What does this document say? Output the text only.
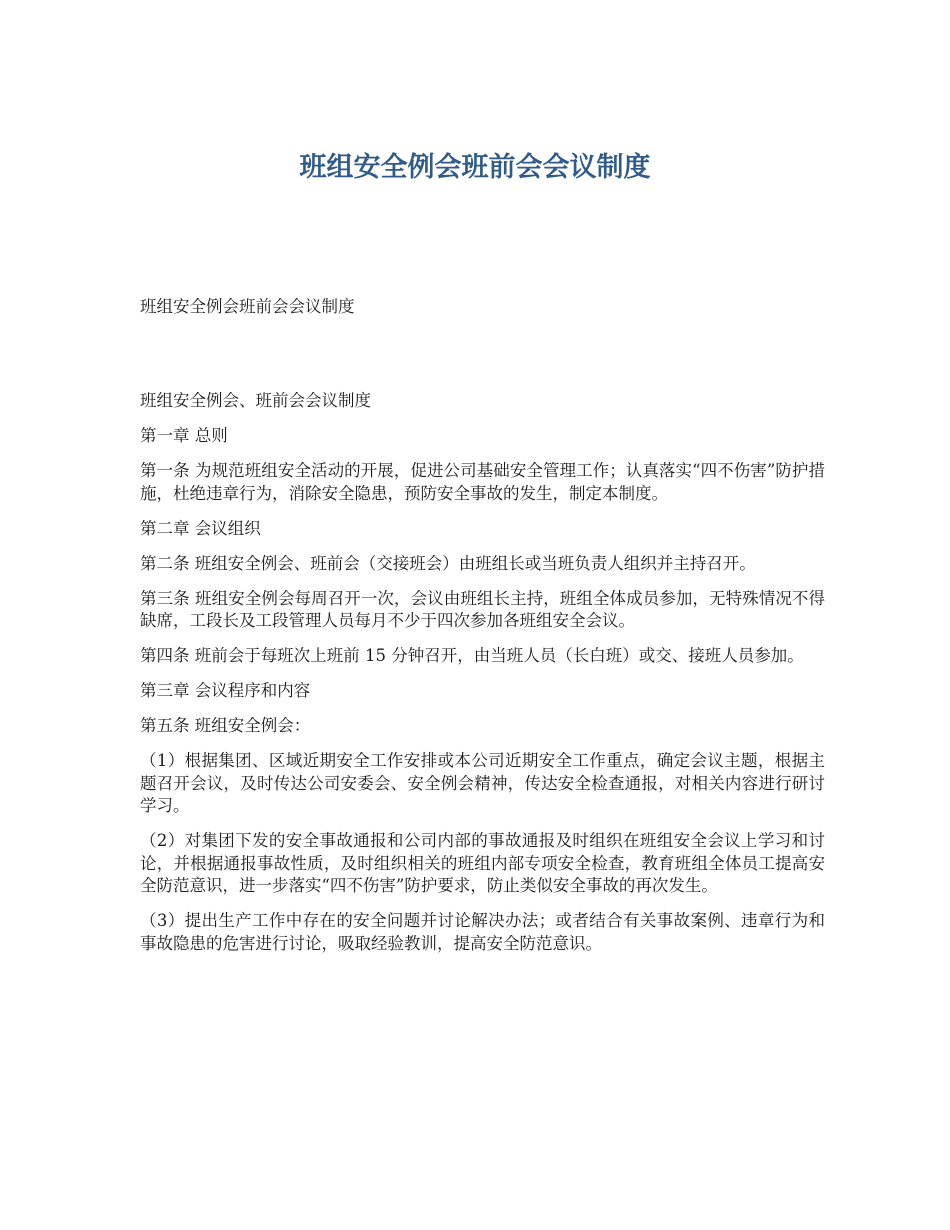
班组安全例会班前会会议制度

班组安全例会班前会会议制度

班组安全例会、班前会会议制度

第一章 总则

第一条 为规范班组安全活动的开展，促进公司基础安全管理工作；认真落实“四不伤害”防护措施，杜绝违章行为，消除安全隐患，预防安全事故的发生，制定本制度。

第二章 会议组织

第二条 班组安全例会、班前会（交接班会）由班组长或当班负责人组织并主持召开。

第三条 班组安全例会每周召开一次，会议由班组长主持，班组全体成员参加，无特殊情况不得缺席，工段长及工段管理人员每月不少于四次参加各班组安全会议。

第四条 班前会于每班次上班前 15 分钟召开，由当班人员（长白班）或交、接班人员参加。

第三章 会议程序和内容

第五条 班组安全例会：

（1）根据集团、区域近期安全工作安排或本公司近期安全工作重点，确定会议主题，根据主题召开会议，及时传达公司安委会、安全例会精神，传达安全检查通报，对相关内容进行研讨学习。

（2）对集团下发的安全事故通报和公司内部的事故通报及时组织在班组安全会议上学习和讨论，并根据通报事故性质，及时组织相关的班组内部专项安全检查，教育班组全体员工提高安全防范意识，进一步落实“四不伤害”防护要求，防止类似安全事故的再次发生。

（3）提出生产工作中存在的安全问题并讨论解决办法；或者结合有关事故案例、违章行为和事故隐患的危害进行讨论，吸取经验教训，提高安全防范意识。
